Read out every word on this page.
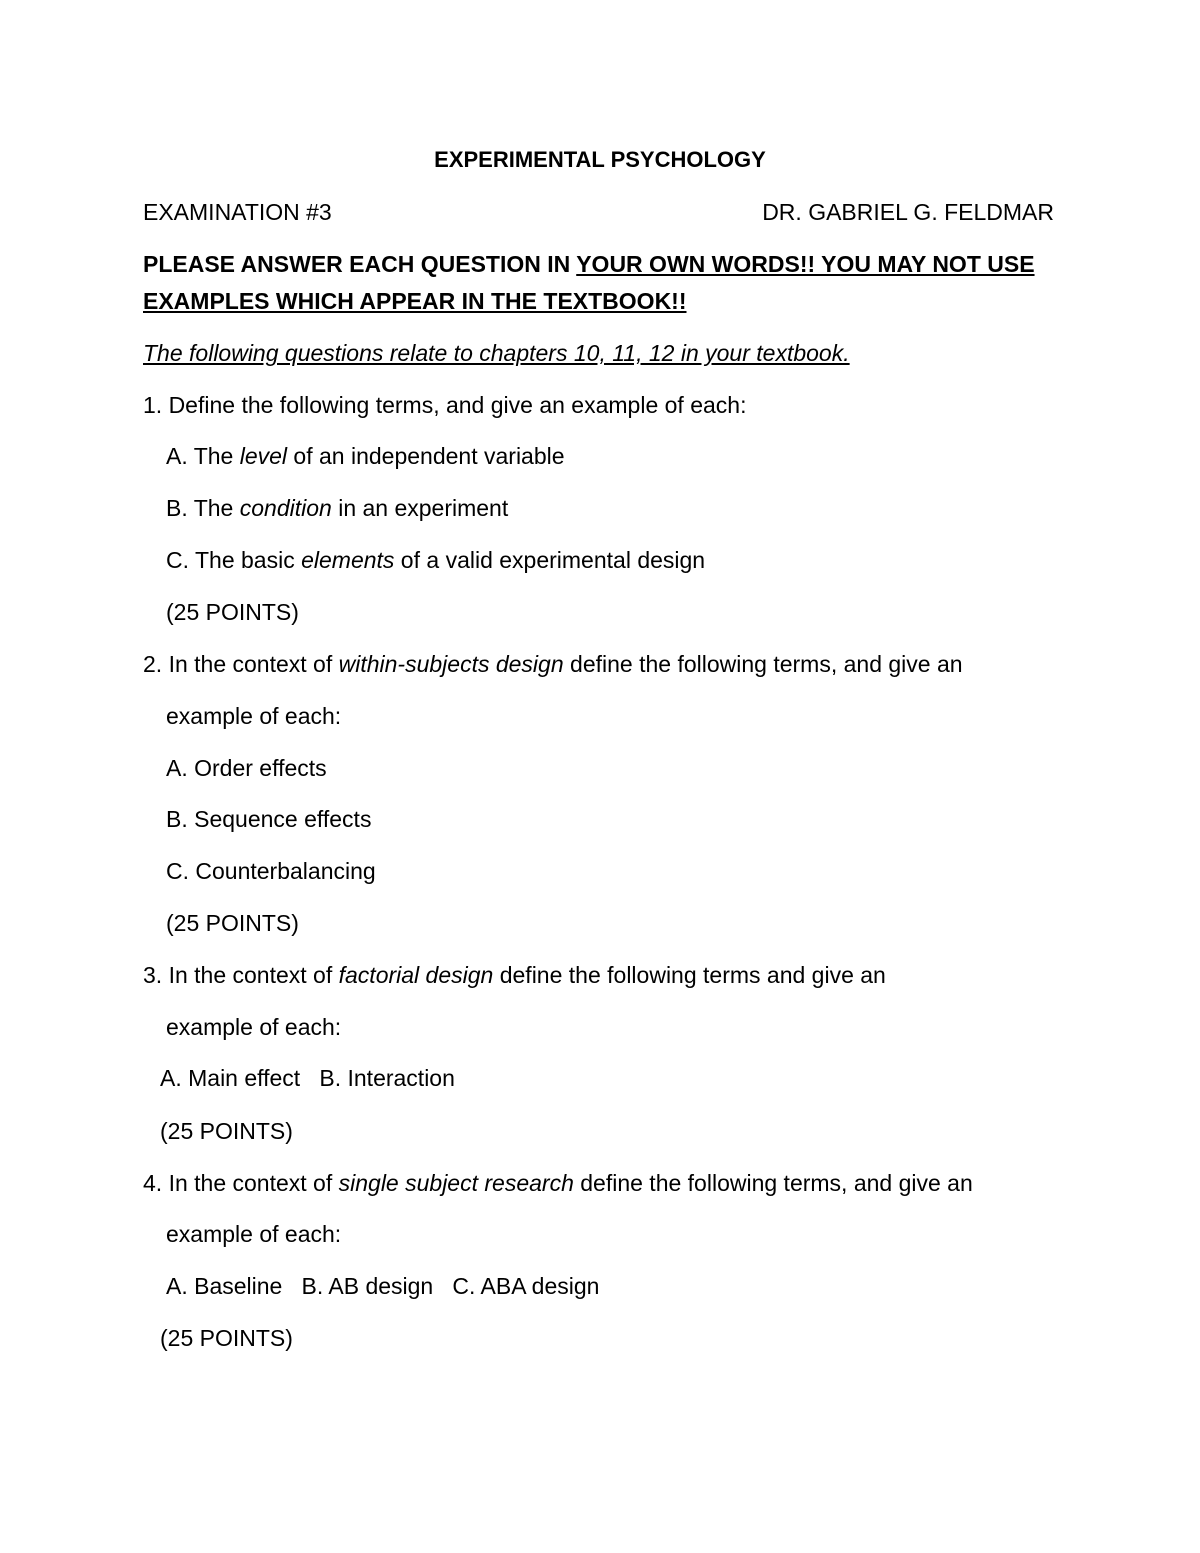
EXPERIMENTAL PSYCHOLOGY

EXAMINATION #3	DR. GABRIEL G. FELDMAR

PLEASE ANSWER EACH QUESTION IN YOUR OWN WORDS!! YOU MAY NOT USE

EXAMPLES WHICH APPEAR IN THE TEXTBOOK!!

The following questions relate to chapters 10, 11, 12 in your textbook.

1. Define the following terms, and give an example of each:

A. The level of an independent variable

B. The condition in an experiment

C. The basic elements of a valid experimental design

(25 POINTS)

2. In the context of within-subjects design define the following terms, and give an

example of each:

A. Order effects

B. Sequence effects

C. Counterbalancing

(25 POINTS)

3. In the context of factorial design define the following terms and give an

example of each:

A. Main effect   B. Interaction

(25 POINTS)

4. In the context of single subject research define the following terms, and give an

example of each:

A. Baseline   B. AB design   C. ABA design

(25 POINTS)
